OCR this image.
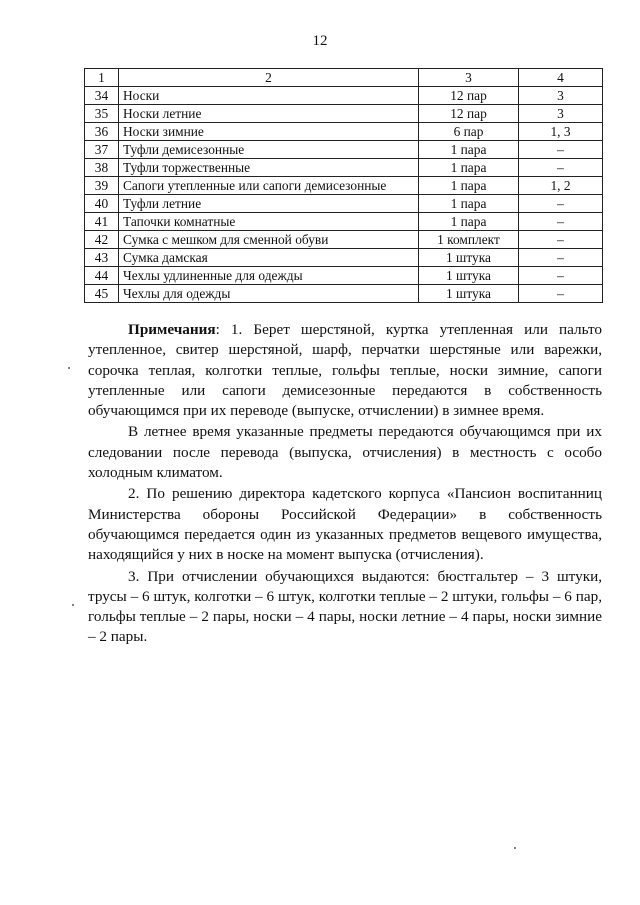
12
1	2	3	4
34	Носки	12 пар	3
35	Носки летние	12 пар	3
36	Носки зимние	6 пар	1, 3
37	Туфли демисезонные	1 пара	–
38	Туфли торжественные	1 пара	–
39	Сапоги утепленные или сапоги демисезонные	1 пара	1, 2
40	Туфли летние	1 пара	–
41	Тапочки комнатные	1 пара	–
42	Сумка с мешком для сменной обуви	1 комплект	–
43	Сумка дамская	1 штука	–
44	Чехлы удлиненные для одежды	1 штука	–
45	Чехлы для одежды	1 штука	–

Примечания: 1. Берет шерстяной, куртка утепленная или пальто утепленное, свитер шерстяной, шарф, перчатки шерстяные или варежки, сорочка теплая, колготки теплые, гольфы теплые, носки зимние, сапоги утепленные или сапоги демисезонные передаются в собственность обучающимся при их переводе (выпуске, отчислении) в зимнее время.

В летнее время указанные предметы передаются обучающимся при их следовании после перевода (выпуска, отчисления) в местность с особо холодным климатом.

2. По решению директора кадетского корпуса «Пансион воспитанниц Министерства обороны Российской Федерации» в собственность обучающимся передается один из указанных предметов вещевого имущества, находящийся у них в носке на момент выпуска (отчисления).

3. При отчислении обучающихся выдаются: бюстгальтер – 3 штуки, трусы – 6 штук, колготки – 6 штук, колготки теплые – 2 штуки, гольфы – 6 пар, гольфы теплые – 2 пары, носки – 4 пары, носки летние – 4 пары, носки зимние – 2 пары.
